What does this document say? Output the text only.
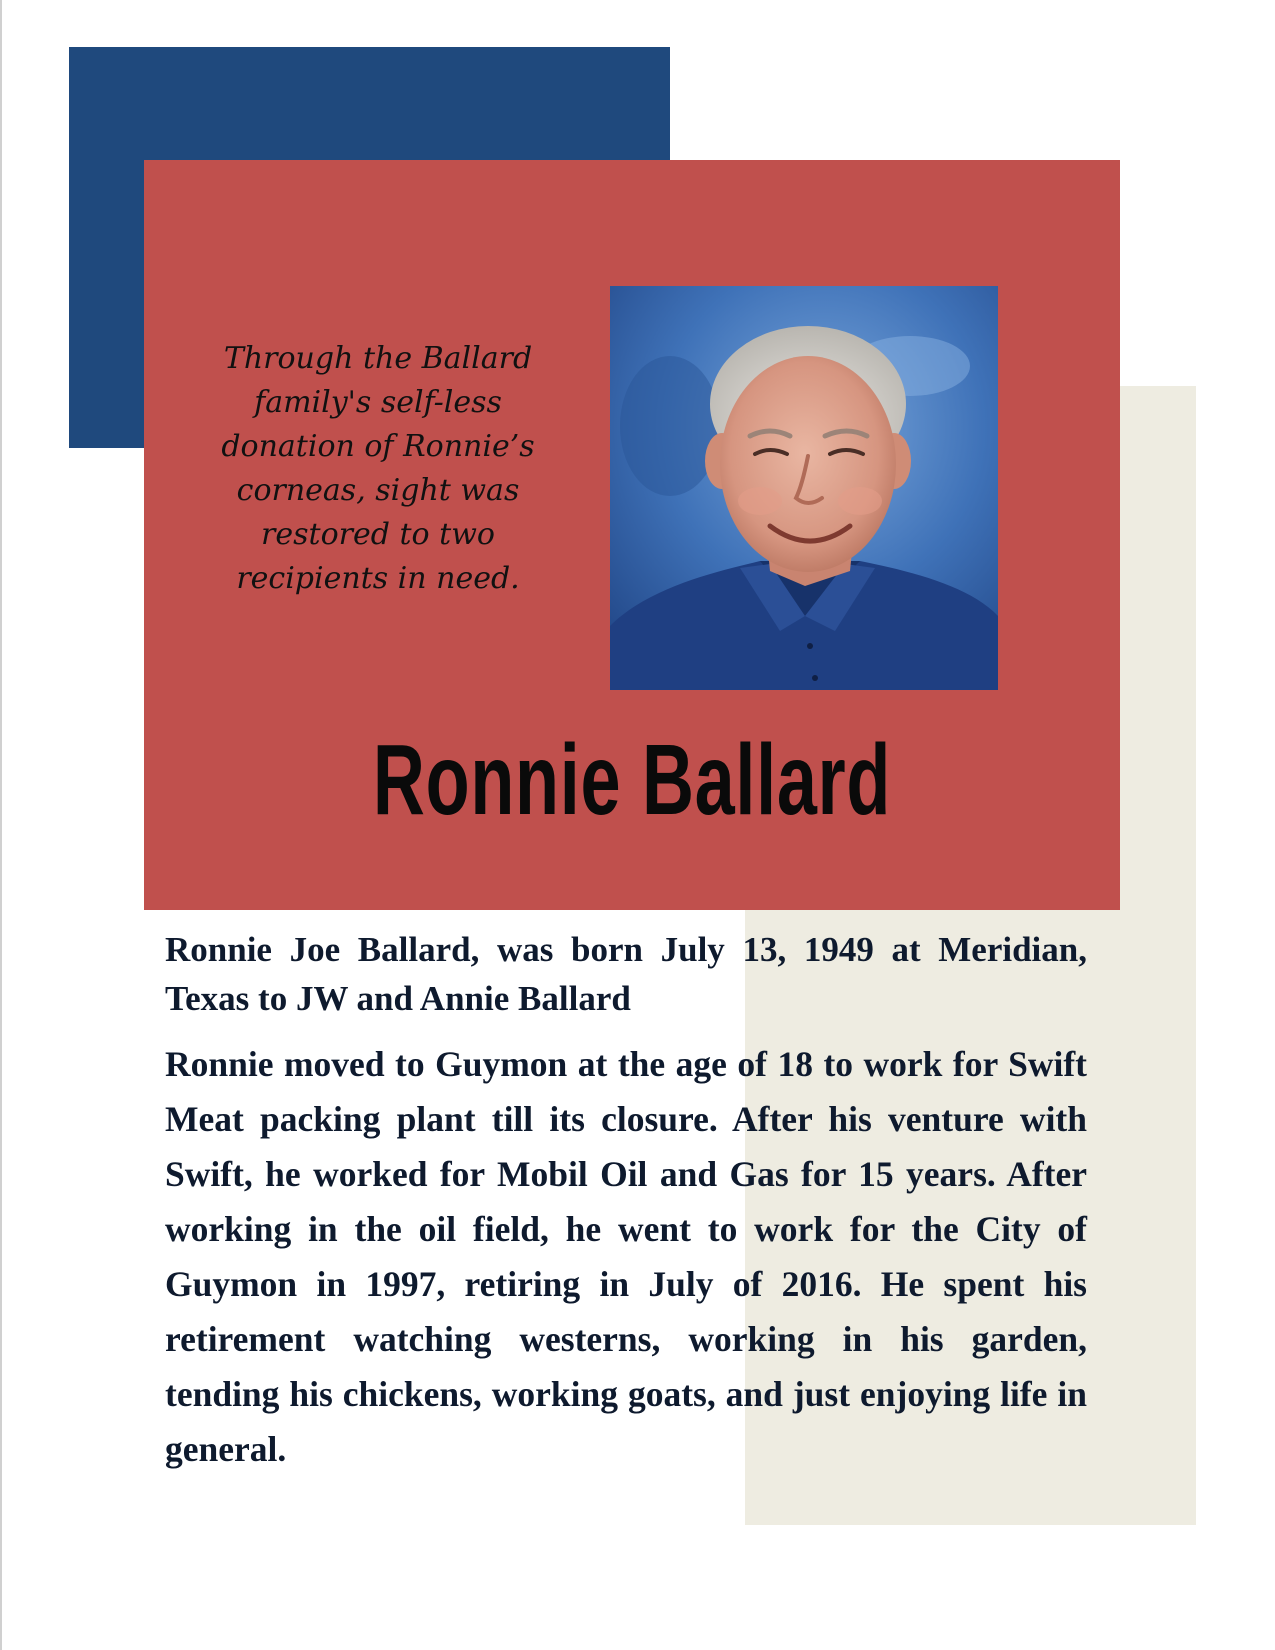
Through the Ballard family's self-less donation of Ronnie’s corneas, sight was restored to two recipients in need.

Ronnie Ballard

Ronnie Joe Ballard, was born July 13, 1949 at Meridian, Texas to JW and Annie Ballard

Ronnie moved to Guymon at the age of 18 to work for Swift Meat packing plant till its closure. After his venture with Swift, he worked for Mobil Oil and Gas for 15 years. After working in the oil field, he went to work for the City of Guymon in 1997, retiring in July of 2016. He spent his retirement watching westerns, working in his garden, tending his chickens, working goats, and just enjoying life in general.
